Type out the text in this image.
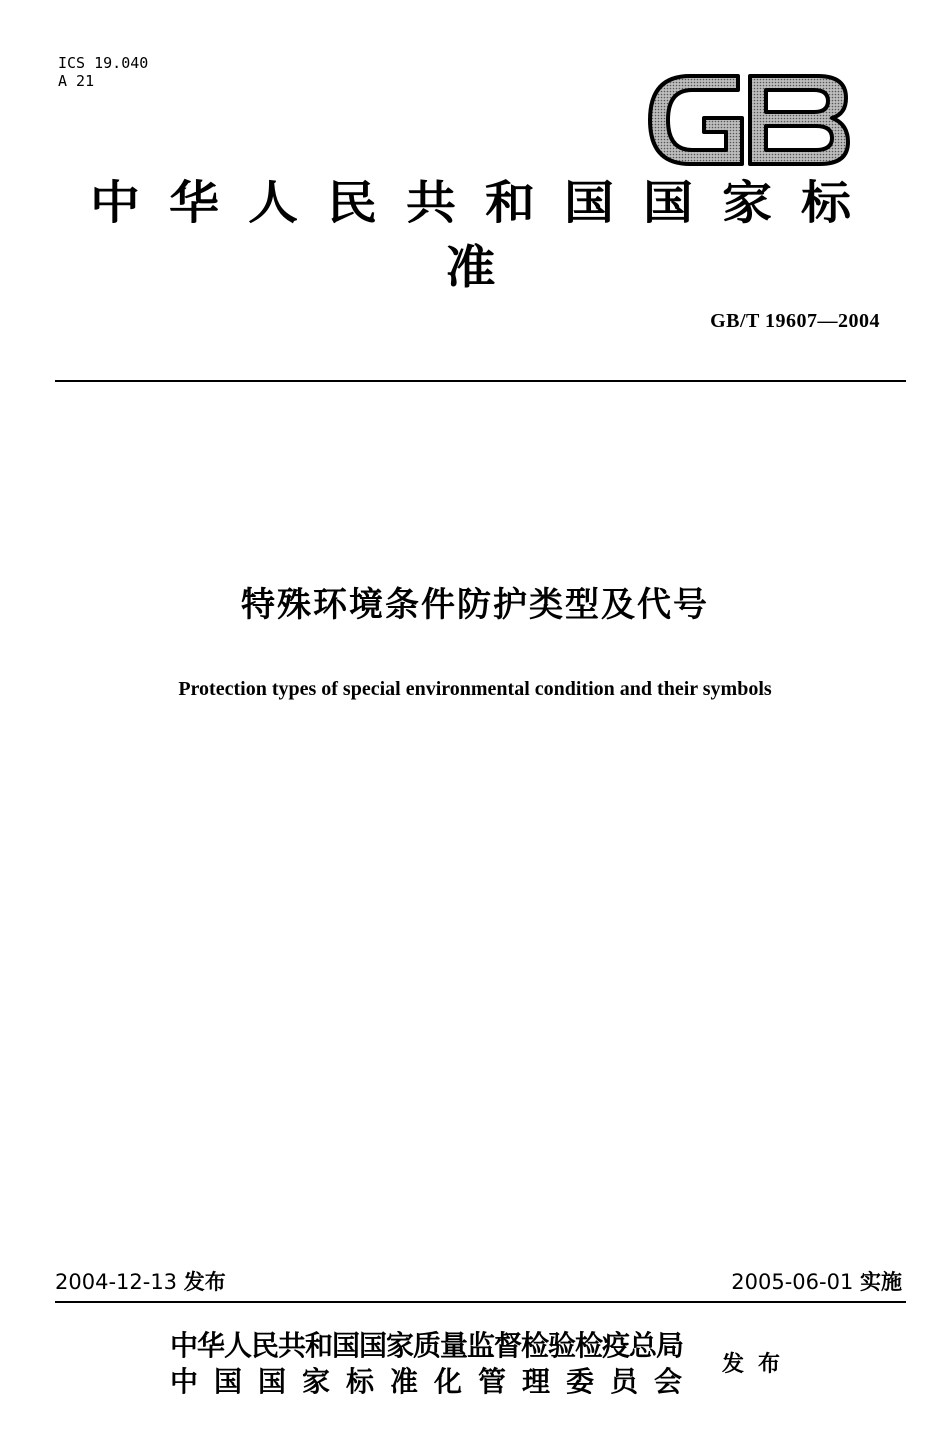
ICS 19.040
A 21
GB
中华人民共和国国家标准
GB/T 19607—2004
特殊环境条件防护类型及代号
Protection types of special environmental condition and their symbols
2004-12-13 发布	2005-06-01 实施
中华人民共和国国家质量监督检验检疫总局
中国国家标准化管理委员会
发布
